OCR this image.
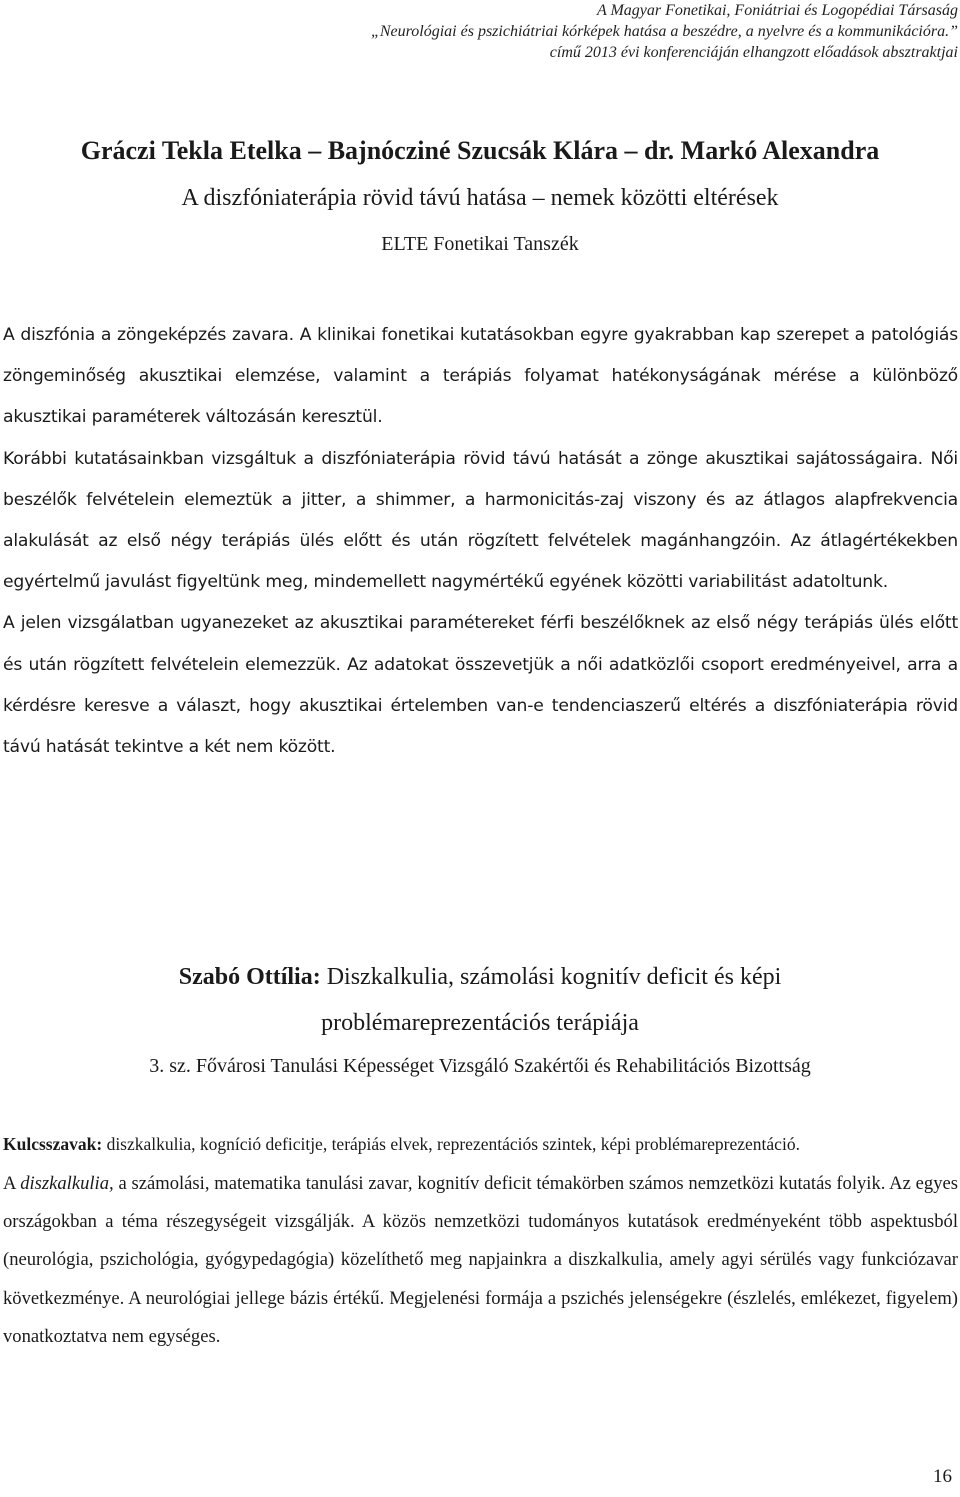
A Magyar Fonetikai, Foniátriai és Logopédiai Társaság
„Neurológiai és pszichiátriai kórképek hatása a beszédre, a nyelvre és a kommunikációra.”
című 2013 évi konferenciáján elhangzott előadások absztraktjai
Gráczi Tekla Etelka – Bajnócziné Szucsák Klára – dr. Markó Alexandra
A diszfóniaterápia rövid távú hatása – nemek közötti eltérések
ELTE Fonetikai Tanszék

A diszfónia a zöngeképzés zavara. A klinikai fonetikai kutatásokban egyre gyakrabban kap szerepet a patológiás zöngeminőség akusztikai elemzése, valamint a terápiás folyamat hatékonyságának mérése a különböző akusztikai paraméterek változásán keresztül.

Korábbi kutatásainkban vizsgáltuk a diszfóniaterápia rövid távú hatását a zönge akusztikai sajátosságaira. Női beszélők felvételein elemeztük a jitter, a shimmer, a harmonicitás-zaj viszony és az átlagos alapfrekvencia alakulását az első négy terápiás ülés előtt és után rögzített felvételek magánhangzóin. Az átlagértékekben egyértelmű javulást figyeltünk meg, mindemellett nagymértékű egyének közötti variabilitást adatoltunk.

A jelen vizsgálatban ugyanezeket az akusztikai paramétereket férfi beszélőknek az első négy terápiás ülés előtt és után rögzített felvételein elemezzük. Az adatokat összevetjük a női adatközlői csoport eredményeivel, arra a kérdésre keresve a választ, hogy akusztikai értelemben van-e tendenciaszerű eltérés a diszfóniaterápia rövid távú hatását tekintve a két nem között.

Szabó Ottília: Diszkalkulia, számolási kognitív deficit és képi
problémareprezentációs terápiája
3. sz. Fővárosi Tanulási Képességet Vizsgáló Szakértői és Rehabilitációs Bizottság

Kulcsszavak: diszkalkulia, kogníció deficitje, terápiás elvek, reprezentációs szintek, képi problémareprezentáció.

A diszkalkulia, a számolási, matematika tanulási zavar, kognitív deficit témakörben számos nemzetközi kutatás folyik. Az egyes országokban a téma részegységeit vizsgálják. A közös nemzetközi tudományos kutatások eredményeként több aspektusból (neurológia, pszichológia, gyógypedagógia) közelíthető meg napjainkra a diszkalkulia, amely agyi sérülés vagy funkciózavar következménye. A neurológiai jellege bázis értékű. Megjelenési formája a pszichés jelenségekre (észlelés, emlékezet, figyelem) vonatkoztatva nem egységes.

16
